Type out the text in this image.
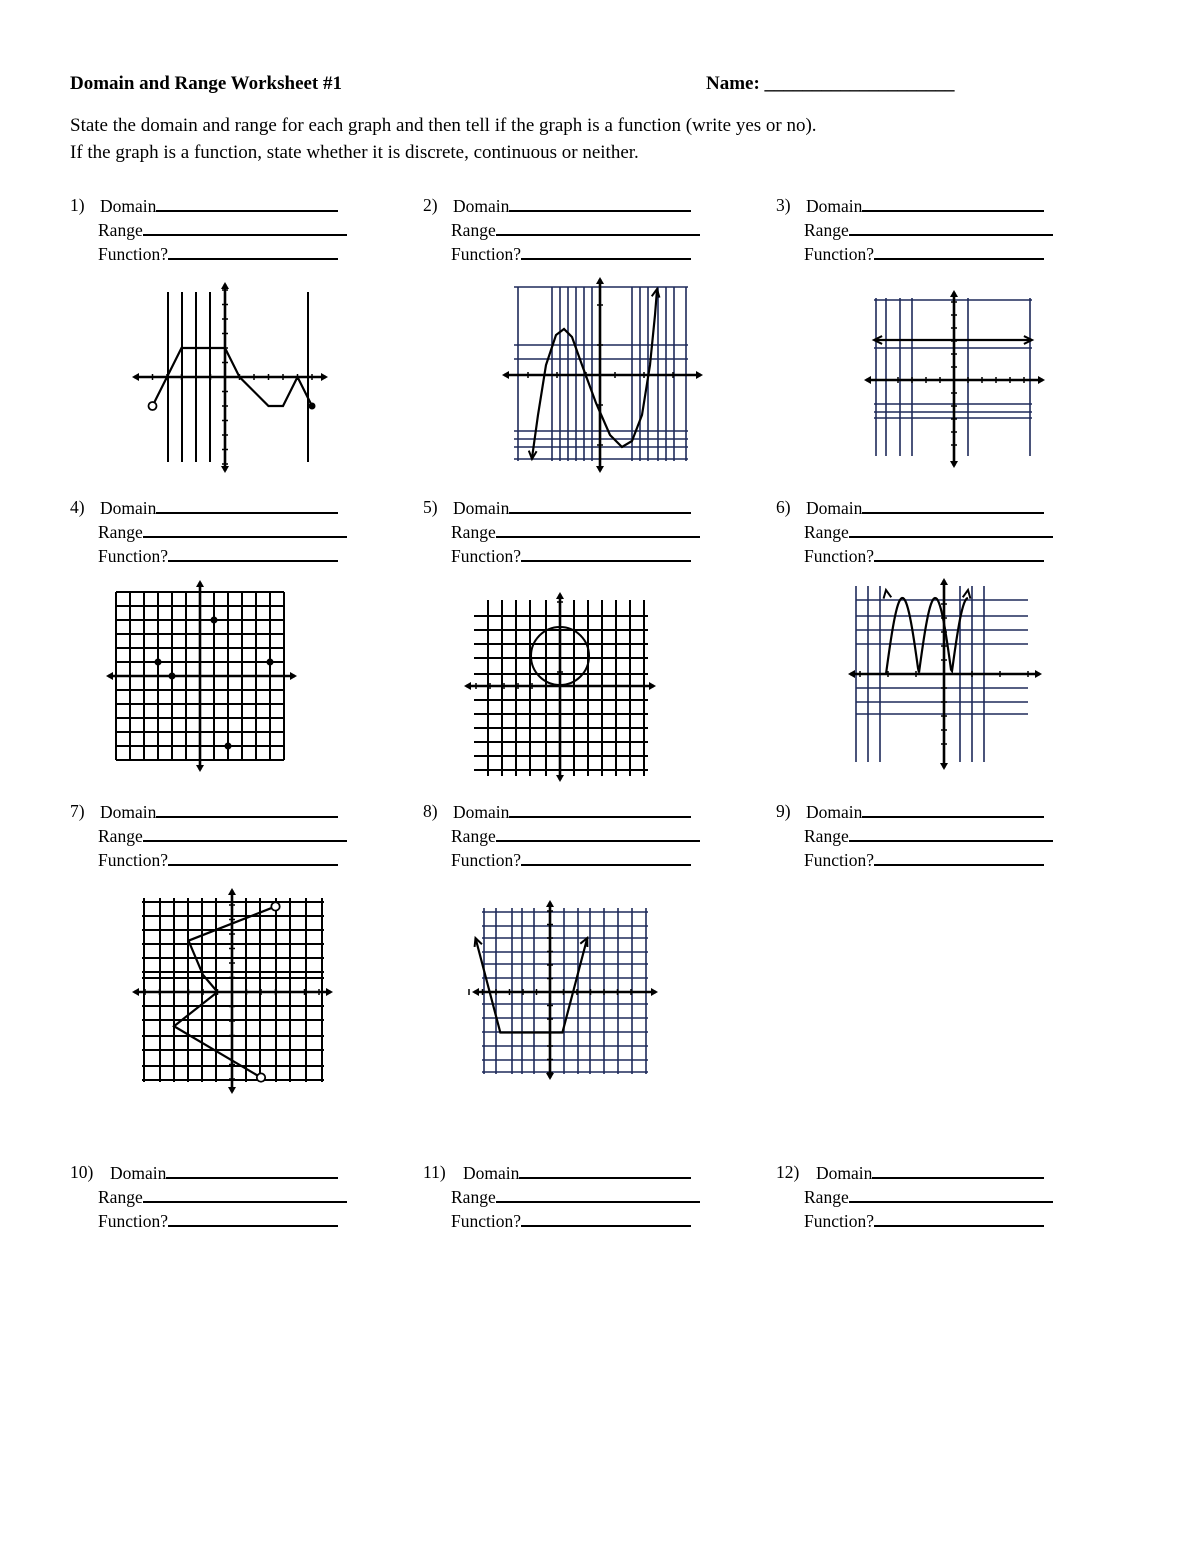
Domain and Range Worksheet #1	Name: ____________________
State the domain and range for each graph and then tell if the graph is a function (write yes or no).
If the graph is a function, state whether it is discrete, continuous or neither.
1) Domain
Range
Function?
2) Domain
Range
Function?
3) Domain
Range
Function?
4) Domain
Range
Function?
5) Domain
Range
Function?
6) Domain
Range
Function?
7) Domain
Range
Function?
8) Domain
Range
Function?
9) Domain
Range
Function?
10) Domain
Range
Function?
11) Domain
Range
Function?
12) Domain
Range
Function?
